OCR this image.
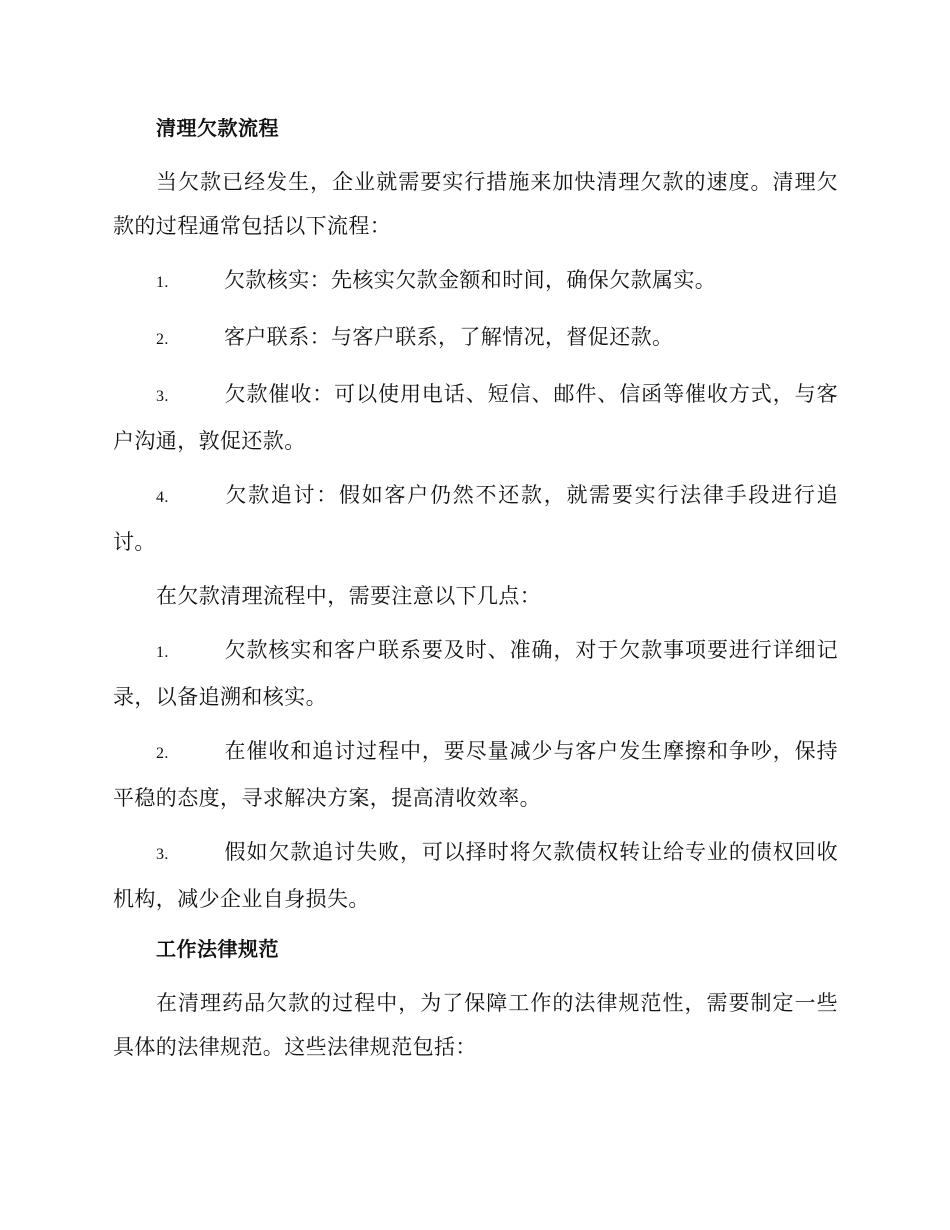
清理欠款流程

当欠款已经发生，企业就需要实行措施来加快清理欠款的速度。清理欠款的过程通常包括以下流程：

1.	欠款核实：先核实欠款金额和时间，确保欠款属实。

2.	客户联系：与客户联系，了解情况，督促还款。

3.	欠款催收：可以使用电话、短信、邮件、信函等催收方式，与客户沟通，敦促还款。

4.	欠款追讨：假如客户仍然不还款，就需要实行法律手段进行追讨。

在欠款清理流程中，需要注意以下几点：

1.	欠款核实和客户联系要及时、准确，对于欠款事项要进行详细记录，以备追溯和核实。

2.	在催收和追讨过程中，要尽量减少与客户发生摩擦和争吵，保持平稳的态度，寻求解决方案，提高清收效率。

3.	假如欠款追讨失败，可以择时将欠款债权转让给专业的债权回收机构，减少企业自身损失。

工作法律规范

在清理药品欠款的过程中，为了保障工作的法律规范性，需要制定一些具体的法律规范。这些法律规范包括：
